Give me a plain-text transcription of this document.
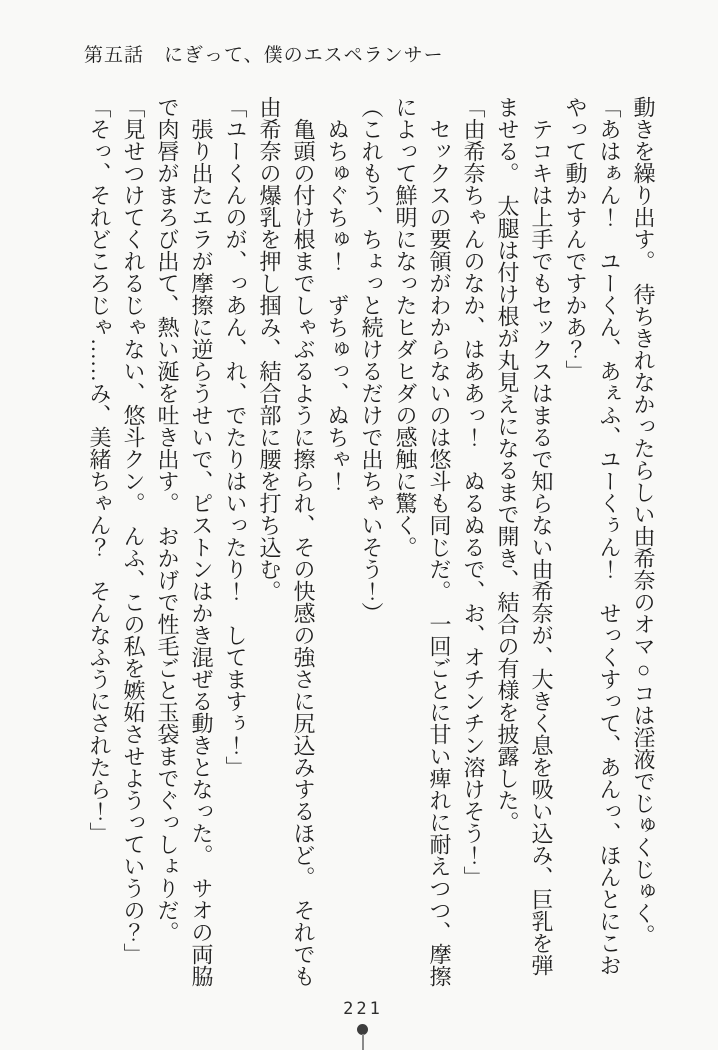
第五話　にぎって、僕のエスペランサー
動きを繰り出す。　待ちきれなかったらしい由希奈のオマ○コは淫液でじゅくじゅく。
「あはぁん！　ユーくん、あぇふ、ユーくぅん！　せっくすって、あんっ、ほんとにこお
やって動かすんですかあ？」
　テコキは上手でもセックスはまるで知らない由希奈が、大きく息を吸い込み、巨乳を弾
ませる。　太腿は付け根が丸見えになるまで開き、結合の有様を披露した。
「由希奈ちゃんのなか、はああっ！　ぬるぬるで、お、オチンチン溶けそう！」
　セックスの要領がわからないのは悠斗も同じだ。　一回ごとに甘い痺れに耐えつつ、摩擦
によって鮮明になったヒダヒダの感触に驚く。
（これもう、ちょっと続けるだけで出ちゃいそう！）
　ぬちゅぐちゅ！　ずちゅっ、ぬちゃ！
　亀頭の付け根までしゃぶるように擦られ、その快感の強さに尻込みするほど。　それでも
由希奈の爆乳を押し掴み、結合部に腰を打ち込む。
「ユーくんのが、っあん、れ、でたりはいったり！　してますぅ！」
　張り出たエラが摩擦に逆らうせいで、ピストンはかき混ぜる動きとなった。　サオの両脇
で肉唇がまろび出て、熱い涎を吐き出す。　おかげで性毛ごと玉袋までぐっしょりだ。
「見せつけてくれるじゃない、悠斗クン。　んふ、この私を嫉妬させようっていうの？」
「そっ、それどころじゃ……み、美緒ちゃん？　そんなふうにされたら！」
221
